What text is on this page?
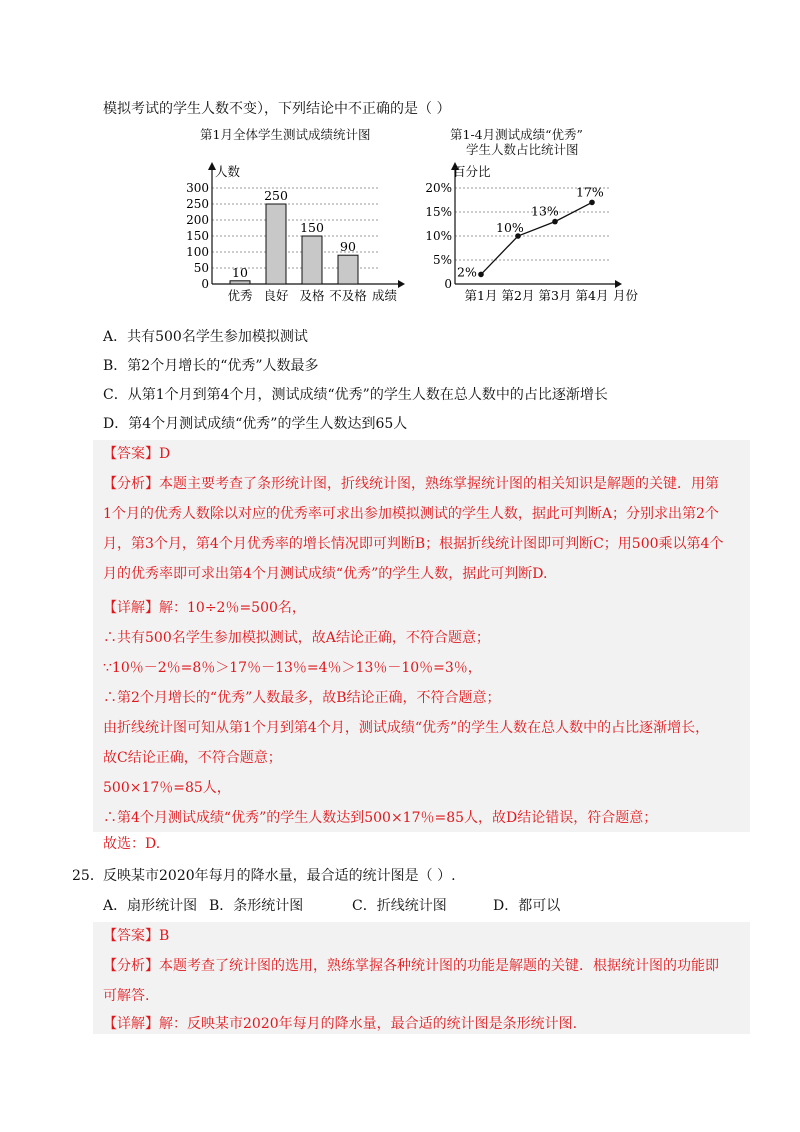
模拟考试的学生人数不变），下列结论中不正确的是（ ）
第1月全体学生测试成绩统计图	第1-4月测试成绩“优秀”
学生人数占比统计图
0
50
100
150
200
250
300
人数
成绩
10
优秀
250
良好
150
及格
90
不及格
0
5%
10%
15%
20%
百分比
月份
2%
第1月
10%
第2月
13%
第3月
17%
第4月
A．共有500名学生参加模拟测试
B．第2个月增长的“优秀”人数最多
C．从第1个月到第4个月，测试成绩“优秀”的学生人数在总人数中的占比逐渐增长
D．第4个月测试成绩“优秀”的学生人数达到65人
【答案】D
【分析】本题主要考查了条形统计图，折线统计图，熟练掌握统计图的相关知识是解题的关键．用第
1个月的优秀人数除以对应的优秀率可求出参加模拟测试的学生人数，据此可判断A；分别求出第2个
月，第3个月，第4个月优秀率的增长情况即可判断B；根据折线统计图即可判断C；用500乘以第4个
月的优秀率即可求出第4个月测试成绩“优秀”的学生人数，据此可判断D.
【详解】解：10÷2％=500名，
∴共有500名学生参加模拟测试，故A结论正确，不符合题意；
∵10％－2％=8％＞17％－13％=4％＞13％－10％=3％，
∴第2个月增长的“优秀”人数最多，故B结论正确，不符合题意；
由折线统计图可知从第1个月到第4个月，测试成绩“优秀”的学生人数在总人数中的占比逐渐增长，
故C结论正确，不符合题意；
500×17％=85人，
∴第4个月测试成绩“优秀”的学生人数达到500×17％=85人，故D结论错误，符合题意；
故选：D.
25． 反映某市2020年每月的降水量，最合适的统计图是（ ）.
A．扇形统计图 B．条形统计图	C．折线统计图	D．都可以
【答案】B
【分析】本题考查了统计图的选用，熟练掌握各种统计图的功能是解题的关键．根据统计图的功能即
可解答.
【详解】解：反映某市2020年每月的降水量，最合适的统计图是条形统计图.
